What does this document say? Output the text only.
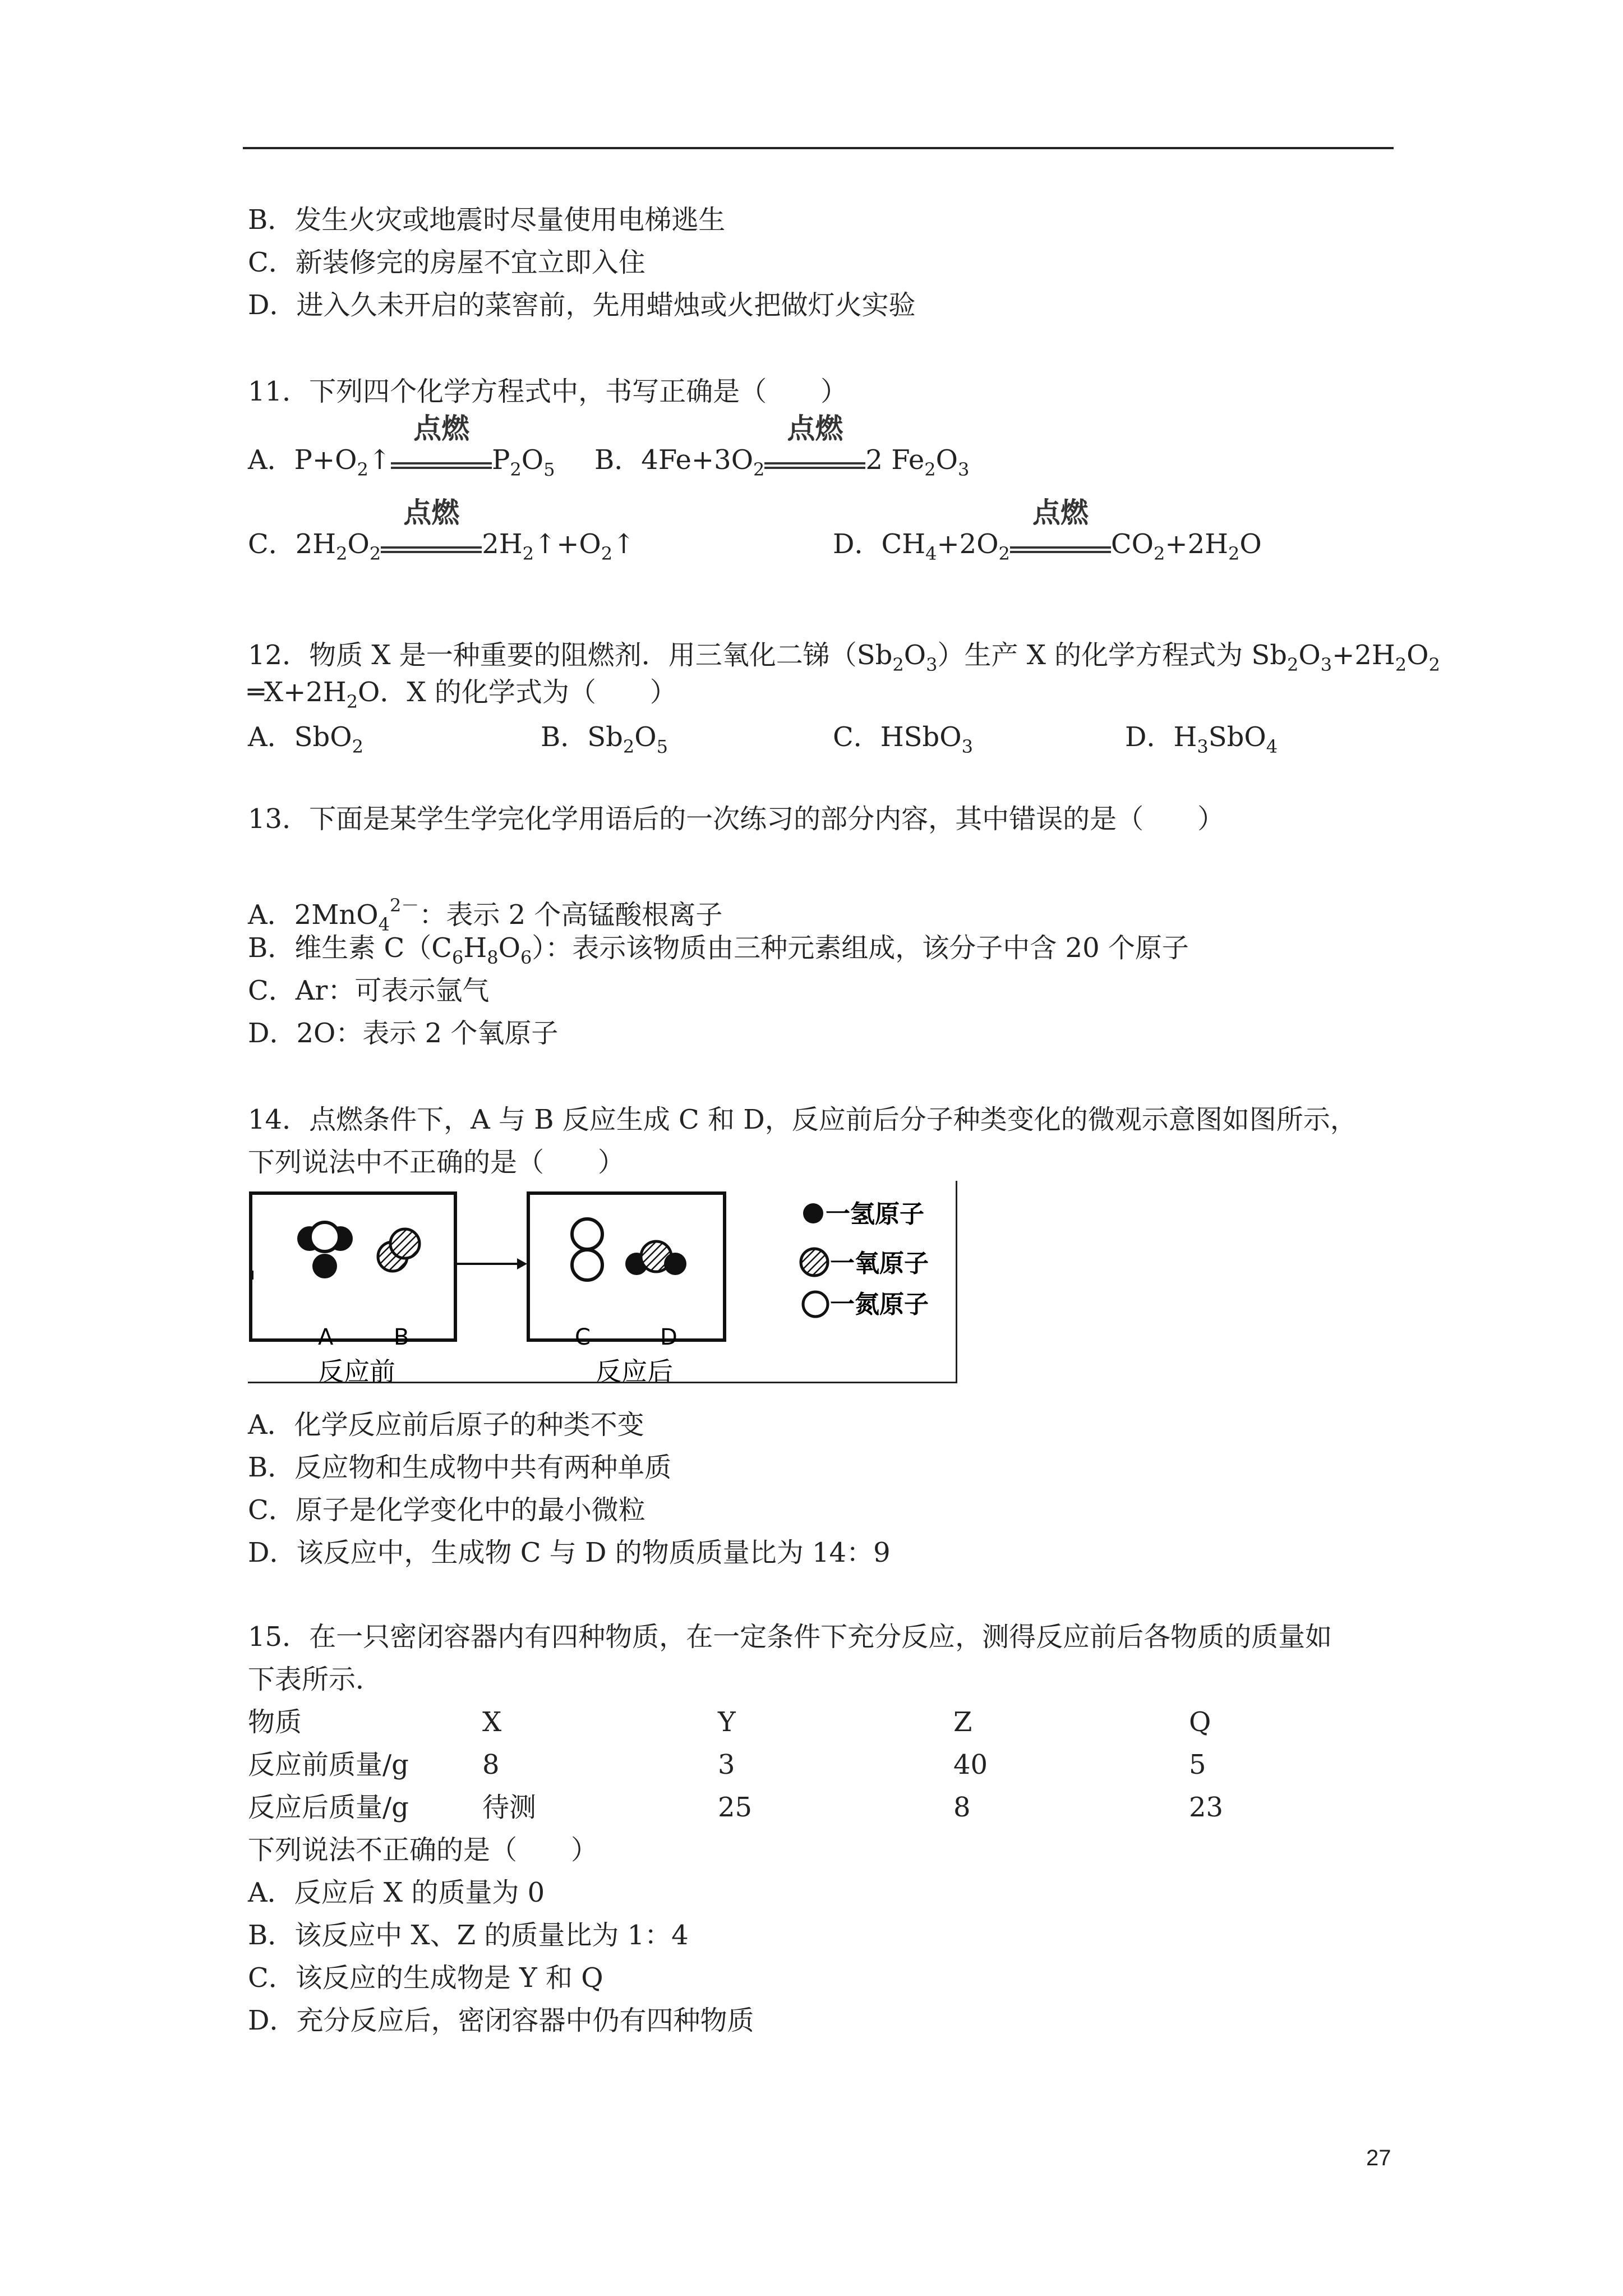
B．发生火灾或地震时尽量使用电梯逃生
C．新装修完的房屋不宜立即入住
D．进入久未开启的菜窖前，先用蜡烛或火把做灯火实验
11．下列四个化学方程式中，书写正确是（　　）
A．$P+O_2↑$
点燃
$P_2O_5$ B．$4Fe+3O_2$
点燃
2 $Fe_2O_3$
C．$2H_2O_2$
点燃
$2H_2↑+O_2↑$	D．$CH_4+2O_2$
点燃
$CO_2+2H_2O$
12．物质 X 是一种重要的阻燃剂．用三氧化二锑$(Sb_2O_3)$生产 X 的化学方程式为 $Sb_2O_3+2H_2O_2$
$═X+2H_2O$．X 的化学式为（　　）
A．SbO$_2$	B．$Sb_2O_5$	C．HSbO$_3$	D．$H_3SbO_4$
13．下面是某学生学完化学用语后的一次练习的部分内容，其中错误的是（　　）
A．2MnO$_4^{2-}$：表示 2 个高锰酸根离子
B．维生素 $C(C_6H_8O_6)$：表示该物质由三种元素组成，该分子中含 20 个原子
C．Ar：可表示氩气
D．2O：表示 2 个氧原子
14．点燃条件下，A 与 B 反应生成 C 和 D，反应前后分子种类变化的微观示意图如图所示，
下列说法中不正确的是（　　）
A	B
反应前
C	D
反应后
一氢原子
一氧原子
一氮原子
A．化学反应前后原子的种类不变
B．反应物和生成物中共有两种单质
C．原子是化学变化中的最小微粒
D．该反应中，生成物 C 与 D 的物质质量比为 14：9
15．在一只密闭容器内有四种物质，在一定条件下充分反应，测得反应前后各物质的质量如
下表所示．
物质	X	Y	Z	Q
反应前质量/g	8	3	40	5
反应后质量/g	待测	25	8	23
下列说法不正确的是（　　）
A．反应后 X 的质量为 0
B．该反应中 X、Z 的质量比为 1：4
C．该反应的生成物是 Y 和 Q
D．充分反应后，密闭容器中仍有四种物质
27
